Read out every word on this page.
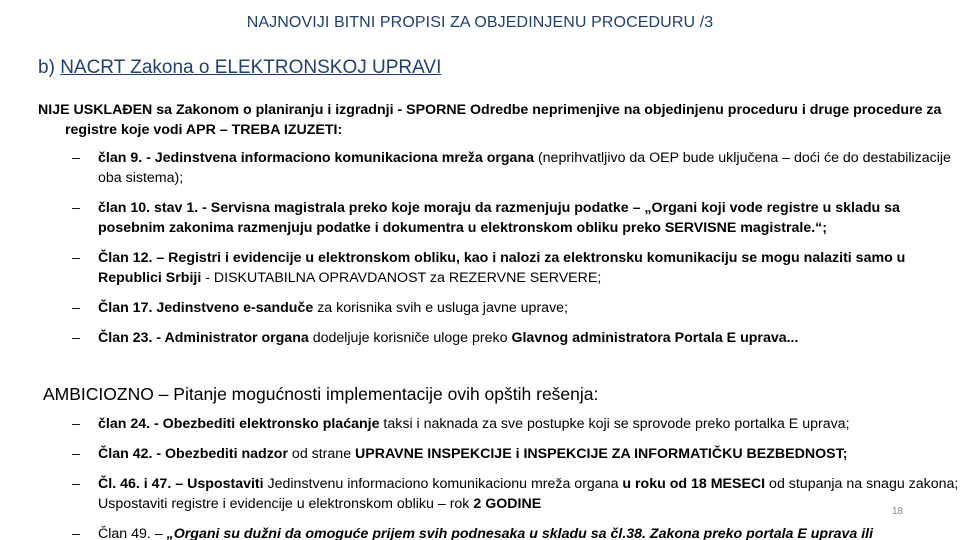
NAJNOVIJI BITNI PROPISI ZA OBJEDINJENU PROCEDURU /3
b) NACRT Zakona o ELEKTRONSKOJ UPRAVI
NIJE USKLAĐEN sa Zakonom o planiranju i izgradnji - SPORNE Odredbe neprimenjive na objedinjenu proceduru i druge procedure za registre koje vodi APR – TREBA IZUZETI:
– član 9. - Jedinstvena informaciono komunikaciona mreža organa (neprihvatljivo da OEP bude uključena – doći će do destabilizacije oba sistema);
– član 10. stav 1. - Servisna magistrala preko koje moraju da razmenjuju podatke – „Organi koji vode registre u skladu sa posebnim zakonima razmenjuju podatke i dokumentra u elektronskom obliku preko SERVISNE magistrale.“;
– Član 12. – Registri i evidencije u elektronskom obliku, kao i nalozi za elektronsku komunikaciju se mogu nalaziti samo u Republici Srbiji - DISKUTABILNA OPRAVDANOST za REZERVNE SERVERE;
– Član 17. Jedinstveno e-sandučе za korisnika svih e usluga javne uprave;
– Član 23. - Administrator organa dodeljuje korisniče uloge preko Glavnog administratora Portala E uprava...
AMBICIOZNO – Pitanje mogućnosti implementacije ovih opštih rešenja:
– član 24. - Obezbediti elektronsko plaćanje taksi i naknada za sve postupke koji se sprovode preko portalka E uprava;
– Član 42. - Obezbediti nadzor od strane UPRAVNE INSPEKCIJE i INSPEKCIJE ZA INFORMATIČKU BEZBEDNOST;
– Čl. 46. i 47. – Uspostaviti Jedinstvenu informaciono komunikacionu mreža organa u roku od 18 MESECI od stupanja na snagu zakona; Uspostaviti registre i evidencije u elektronskom obliku – rok 2 GODINE
– Član 49. – „Organi su dužni da omoguće prijem svih podnesaka u skladu sa čl.38. Zakona preko portala E uprava ili
18
